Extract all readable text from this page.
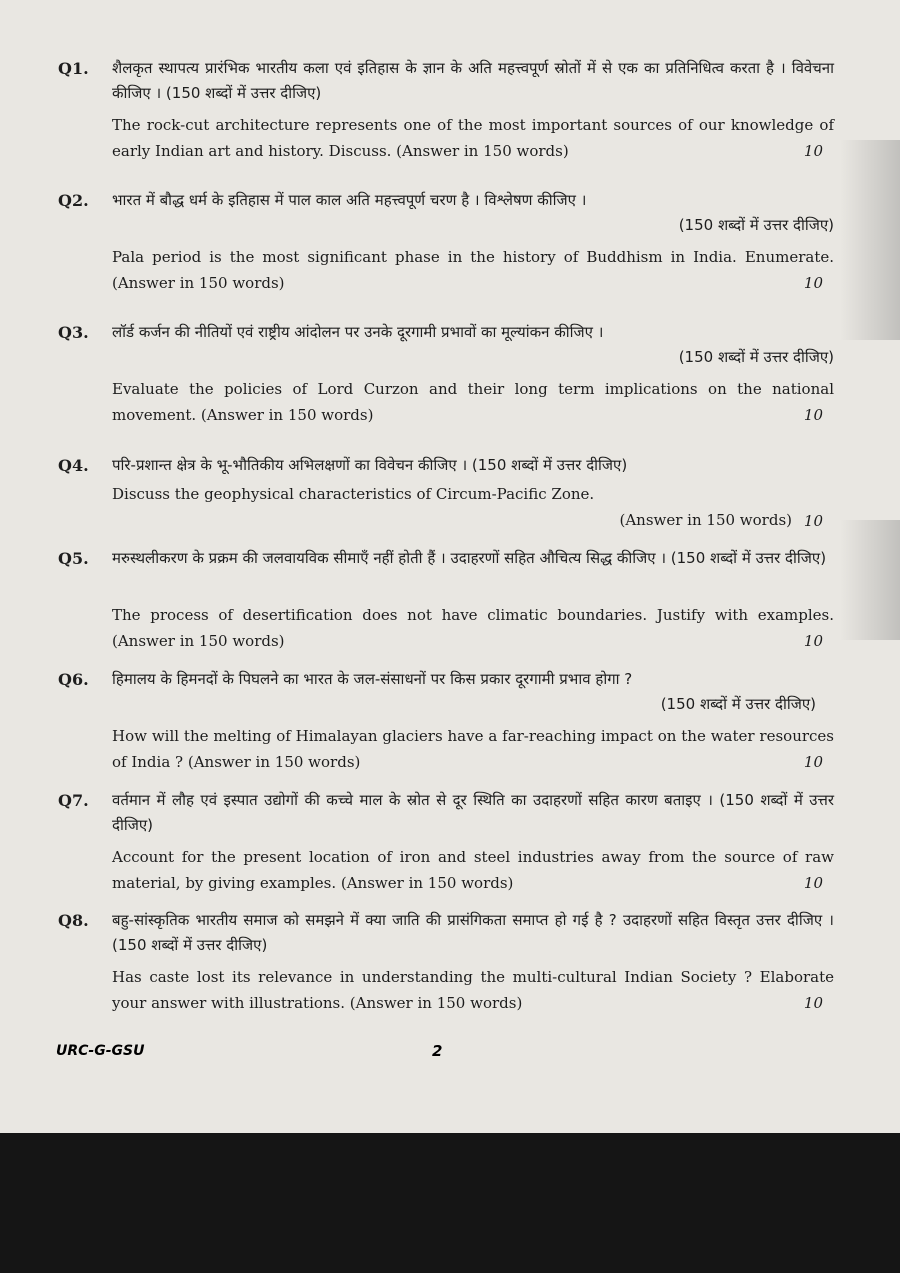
Q1. शैलकृत स्थापत्य प्रारंभिक भारतीय कला एवं इतिहास के ज्ञान के अति महत्त्वपूर्ण स्रोतों में से एक का प्रतिनिधित्व करता है । विवेचना कीजिए । (150 शब्दों में उत्तर दीजिए)

The rock-cut architecture represents one of the most important sources of our knowledge of early Indian art and history. Discuss. (Answer in 150 words)	10
Q2. भारत में बौद्ध धर्म के इतिहास में पाल काल अति महत्त्वपूर्ण चरण है । विश्लेषण कीजिए ।
(150 शब्दों में उत्तर दीजिए)

Pala period is the most significant phase in the history of Buddhism in India. Enumerate. (Answer in 150 words)	10
Q3. लॉर्ड कर्जन की नीतियों एवं राष्ट्रीय आंदोलन पर उनके दूरगामी प्रभावों का मूल्यांकन कीजिए ।
(150 शब्दों में उत्तर दीजिए)

Evaluate the policies of Lord Curzon and their long term implications on the national movement. (Answer in 150 words)	10
Q4. परि-प्रशान्त क्षेत्र के भू-भौतिकीय अभिलक्षणों का विवेचन कीजिए । (150 शब्दों में उत्तर दीजिए)

Discuss the geophysical characteristics of Circum-Pacific Zone.
(Answer in 150 words) 10
Q5. मरुस्थलीकरण के प्रक्रम की जलवायविक सीमाएँ नहीं होती हैं । उदाहरणों सहित औचित्य सिद्ध कीजिए । (150 शब्दों में उत्तर दीजिए)

The process of desertification does not have climatic boundaries. Justify with examples. (Answer in 150 words)	10
Q6. हिमालय के हिमनदों के पिघलने का भारत के जल-संसाधनों पर किस प्रकार दूरगामी प्रभाव होगा ?
(150 शब्दों में उत्तर दीजिए)

How will the melting of Himalayan glaciers have a far-reaching impact on the water resources of India ? (Answer in 150 words)	10
Q7. वर्तमान में लौह एवं इस्पात उद्योगों की कच्चे माल के स्रोत से दूर स्थिति का उदाहरणों सहित कारण बताइए । (150 शब्दों में उत्तर दीजिए)

Account for the present location of iron and steel industries away from the source of raw material, by giving examples. (Answer in 150 words)	10
Q8. बहु-सांस्कृतिक भारतीय समाज को समझने में क्या जाति की प्रासंगिकता समाप्त हो गई है ? उदाहरणों सहित विस्तृत उत्तर दीजिए । (150 शब्दों में उत्तर दीजिए)

Has caste lost its relevance in understanding the multi-cultural Indian Society ? Elaborate your answer with illustrations. (Answer in 150 words)	10
URC-G-GSU	2
